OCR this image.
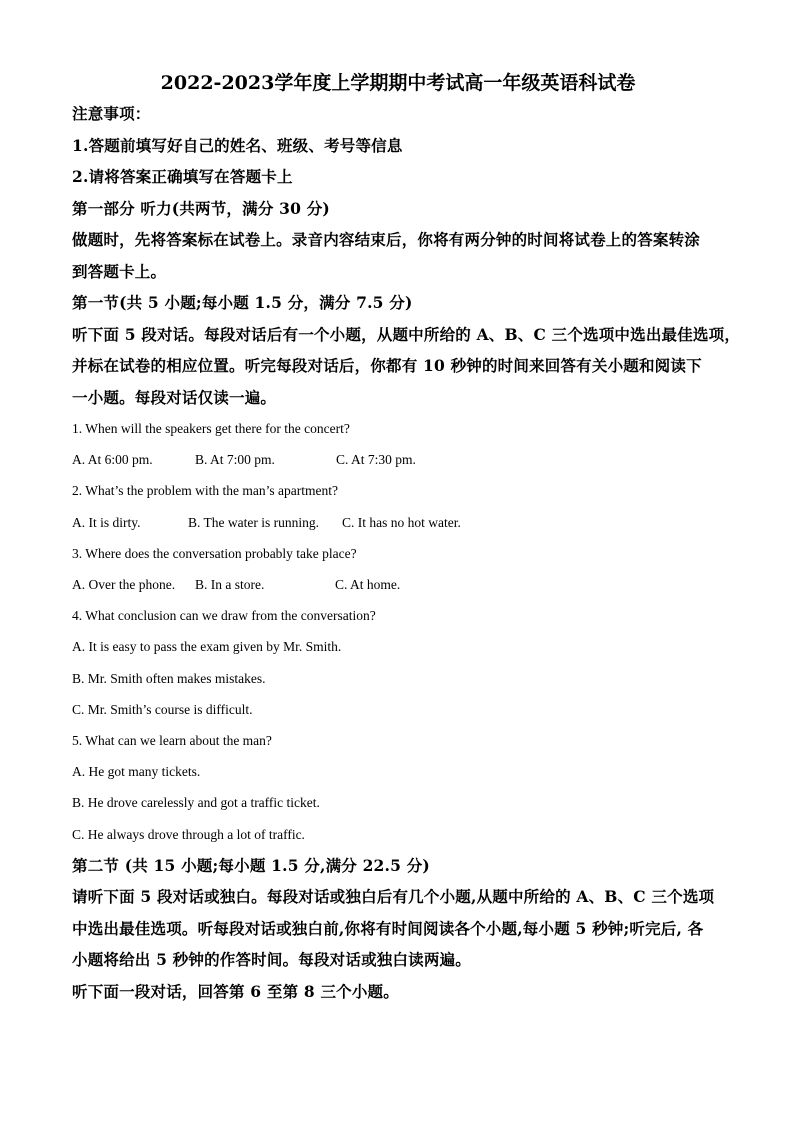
2022-2023学年度上学期期中考试高一年级英语科试卷
注意事项：
1.答题前填写好自己的姓名、班级、考号等信息
2.请将答案正确填写在答题卡上
第一部分 听力(共两节，满分 30 分)
做题时，先将答案标在试卷上。录音内容结束后，你将有两分钟的时间将试卷上的答案转涂
到答题卡上。
第一节(共 5 小题;每小题 1.5 分，满分 7.5 分)
听下面 5 段对话。每段对话后有一个小题，从题中所给的 A、B、C 三个选项中选出最佳选项，
并标在试卷的相应位置。听完每段对话后，你都有 10 秒钟的时间来回答有关小题和阅读下
一小题。每段对话仅读一遍。
1. When will the speakers get there for the concert?
A. At 6:00 pm.	B. At 7:00 pm.	C. At 7:30 pm.
2. What’s the problem with the man’s apartment?
A. It is dirty.	B. The water is running.	C. It has no hot water.
3. Where does the conversation probably take place?
A. Over the phone.	B. In a store.	C. At home.
4. What conclusion can we draw from the conversation?
A. It is easy to pass the exam given by Mr. Smith.
B. Mr. Smith often makes mistakes.
C. Mr. Smith’s course is difficult.
5. What can we learn about the man?
A. He got many tickets.
B. He drove carelessly and got a traffic ticket.
C. He always drove through a lot of traffic.
第二节 (共 15 小题;每小题 1.5 分,满分 22.5 分)
请听下面 5 段对话或独白。每段对话或独白后有几个小题,从题中所给的 A、B、C 三个选项
中选出最佳选项。听每段对话或独白前,你将有时间阅读各个小题,每小题 5 秒钟;听完后, 各
小题将给出 5 秒钟的作答时间。每段对话或独白读两遍。
听下面一段对话，回答第 6 至第 8 三个小题。
